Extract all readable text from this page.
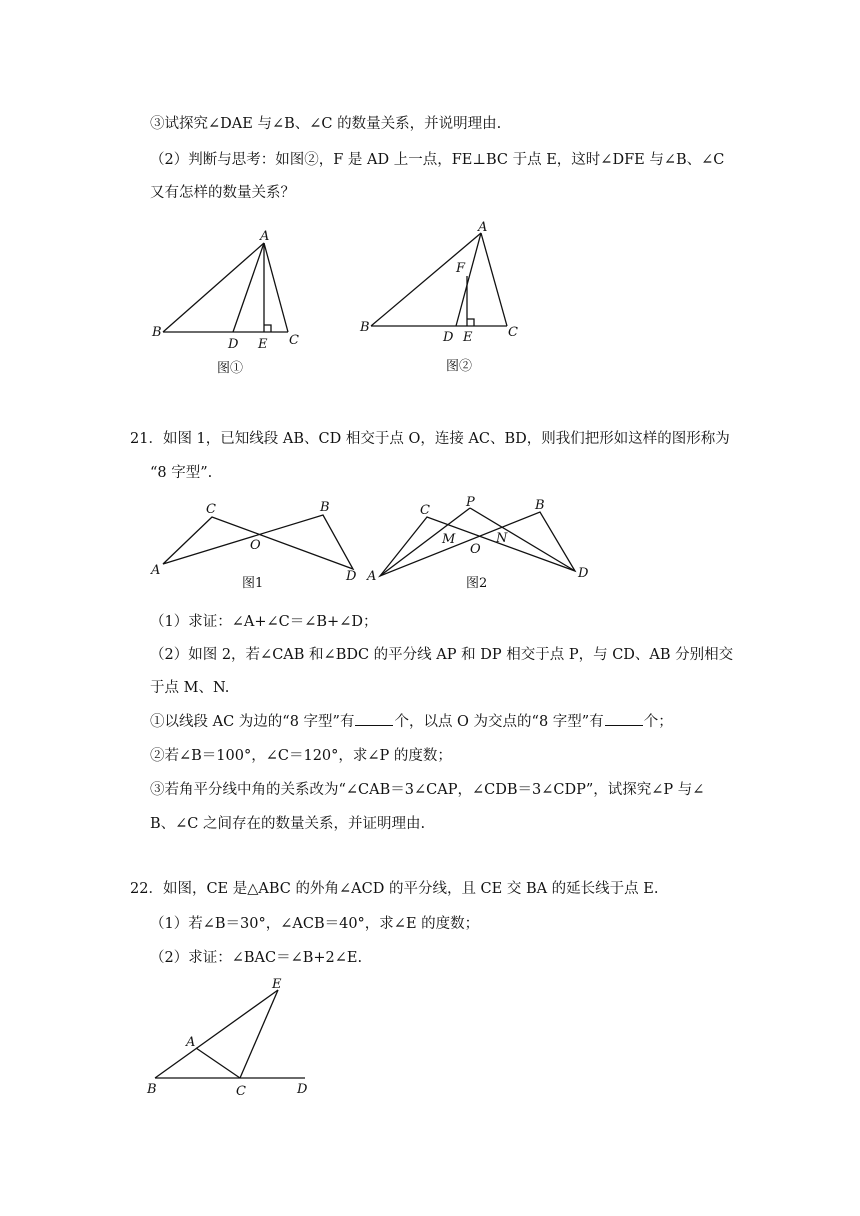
③试探究∠DAE 与∠B、∠C 的数量关系，并说明理由.
（2）判断与思考：如图②，F 是 AD 上一点，FE⊥BC 于点 E，这时∠DFE 与∠B、∠C
又有怎样的数量关系？
A
B
D E C
图①
A
F
B
D E	C
图②
21．如图 1，已知线段 AB、CD 相交于点 O，连接 AC、BD，则我们把形如这样的图形称为
“8 字型”.
C	B
O
A	D
图1
C
P	B
M
O
N
A	D
图2
（1）求证：∠A+∠C＝∠B+∠D；
（2）如图 2，若∠CAB 和∠BDC 的平分线 AP 和 DP 相交于点 P，与 CD、AB 分别相交
于点 M、N.
①以线段 AC 为边的“8 字型”有	个，以点 O 为交点的“8 字型”有	个；
②若∠B＝100°，∠C＝120°，求∠P 的度数；
③若角平分线中角的关系改为“∠CAB＝3∠CAP，∠CDB＝3∠CDP”，试探究∠P 与∠
B、∠C 之间存在的数量关系，并证明理由.
22．如图，CE 是△ABC 的外角∠ACD 的平分线，且 CE 交 BA 的延长线于点 E.
（1）若∠B＝30°，∠ACB＝40°，求∠E 的度数；
（2）求证：∠BAC＝∠B+2∠E.
E
A
B	C	D
